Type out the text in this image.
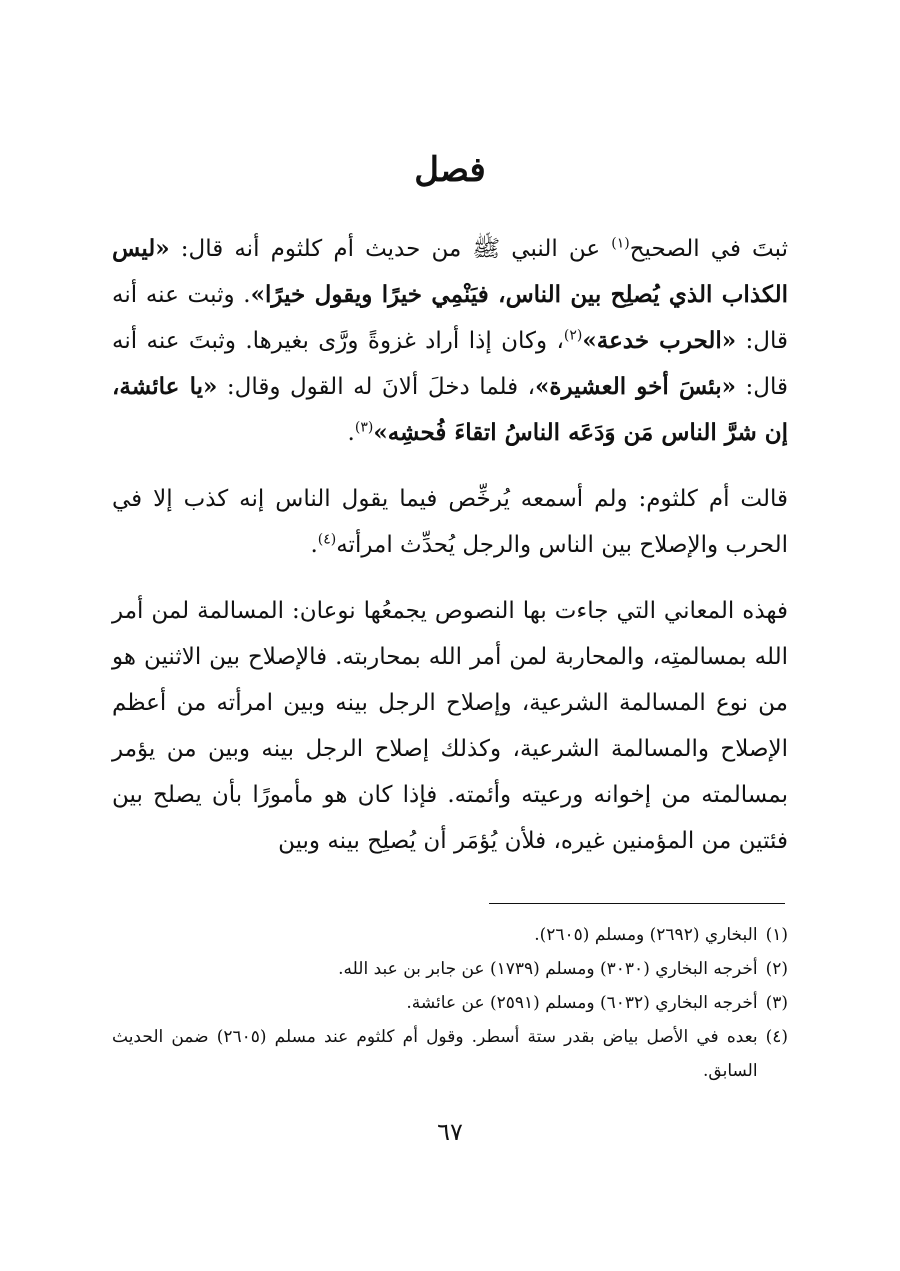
فصل

ثبتَ في الصحيح$^{(١)}$ عن النبي ﷺ من حديث أم كلثوم أنه قال: «ليس الكذاب الذي يُصلِح بين الناس، فيَنْمِي خيرًا ويقول خيرًا». وثبت عنه أنه قال: «الحرب خدعة»$^{(٢)}$، وكان إذا أراد غزوةً ورَّى بغيرها. وثبتَ عنه أنه قال: «بئسَ أخو العشيرة»، فلما دخلَ ألانَ له القول وقال: «يا عائشة، إن شرَّ الناس مَن وَدَعَه الناسُ اتقاءَ فُحشِه»$^{(٣)}$.

قالت أم كلثوم: ولم أسمعه يُرخِّص فيما يقول الناس إنه كذب إلا في الحرب والإصلاح بين الناس والرجل يُحدِّث امرأته$^{(٤)}$.

فهذه المعاني التي جاءت بها النصوص يجمعُها نوعان: المسالمة لمن أمر الله بمسالمتِه، والمحاربة لمن أمر الله بمحاربته. فالإصلاح بين الاثنين هو من نوع المسالمة الشرعية، وإصلاح الرجل بينه وبين امرأته من أعظم الإصلاح والمسالمة الشرعية، وكذلك إصلاح الرجل بينه وبين من يؤمر بمسالمته من إخوانه ورعيته وأئمته. فإذا كان هو مأمورًا بأن يصلح بين فئتين من المؤمنين غيره، فلأن يُؤمَر أن يُصلِح بينه وبين

(١)
البخاري (٢٦٩٢) ومسلم (٢٦٠٥).
(٢)
أخرجه البخاري (٣٠٣٠) ومسلم (١٧٣٩) عن جابر بن عبد الله.
(٣)
أخرجه البخاري (٦٠٣٢) ومسلم (٢٥٩١) عن عائشة.
(٤)
بعده في الأصل بياض بقدر ستة أسطر. وقول أم كلثوم عند مسلم (٢٦٠٥) ضمن الحديث السابق.
٦٧
